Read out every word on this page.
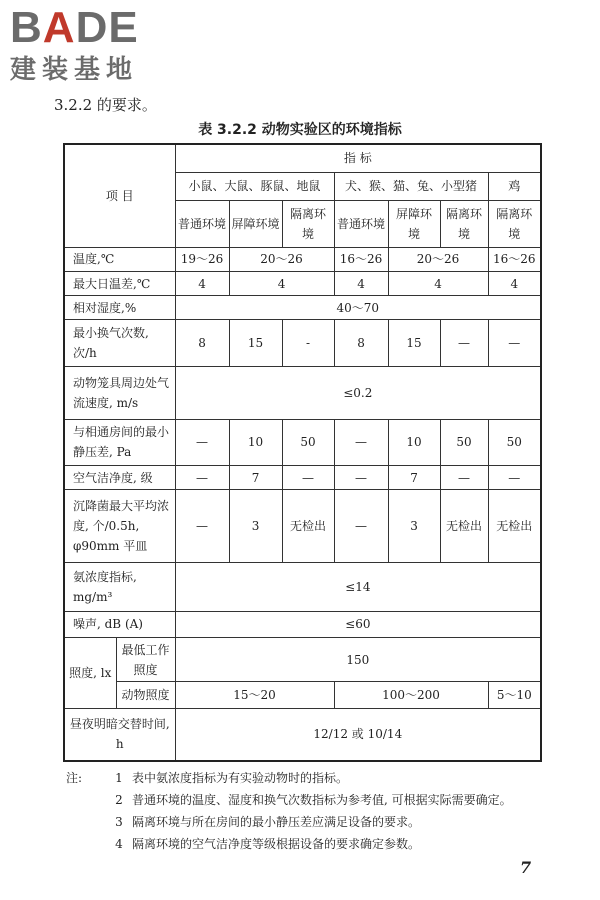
BADE
建装基地
3.2.2 的要求。
表 3.2.2 动物实验区的环境指标
项 目		指 标						
		小鼠、大鼠、豚鼠、地鼠			犬、猴、猫、兔、小型猪			鸡
		普通环境	屏障环境	隔离环境	普通环境	屏障环境	隔离环境	隔离环境
温度,℃		19～26	20～26		16～26	20～26		16～26
最大日温差,℃		4	4		4	4		4
相对湿度,%		40～70						
最小换气次数,次/h		8	15	-	8	15	—	—
动物笼具周边处气流速度, m/s		≤0.2						
与相通房间的最小静压差, Pa		—	10	50	—	10	50	50
空气洁净度, 级		—	7	—	—	7	—	—
沉降菌最大平均浓度, 个/0.5h, φ90mm 平皿		—	3	无检出	—	3	无检出	无检出
氨浓度指标, mg/m³		≤14						
噪声, dB (A)		≤60						
照度, lx	最低工作照度	150						
	动物照度	15～20			100～200			5～10
昼夜明暗交替时间, h		12/12 或 10/14						
注:	1 表中氨浓度指标为有实验动物时的指标。
2 普通环境的温度、湿度和换气次数指标为参考值, 可根据实际需要确定。
3 隔离环境与所在房间的最小静压差应满足设备的要求。
4 隔离环境的空气洁净度等级根据设备的要求确定参数。
7
